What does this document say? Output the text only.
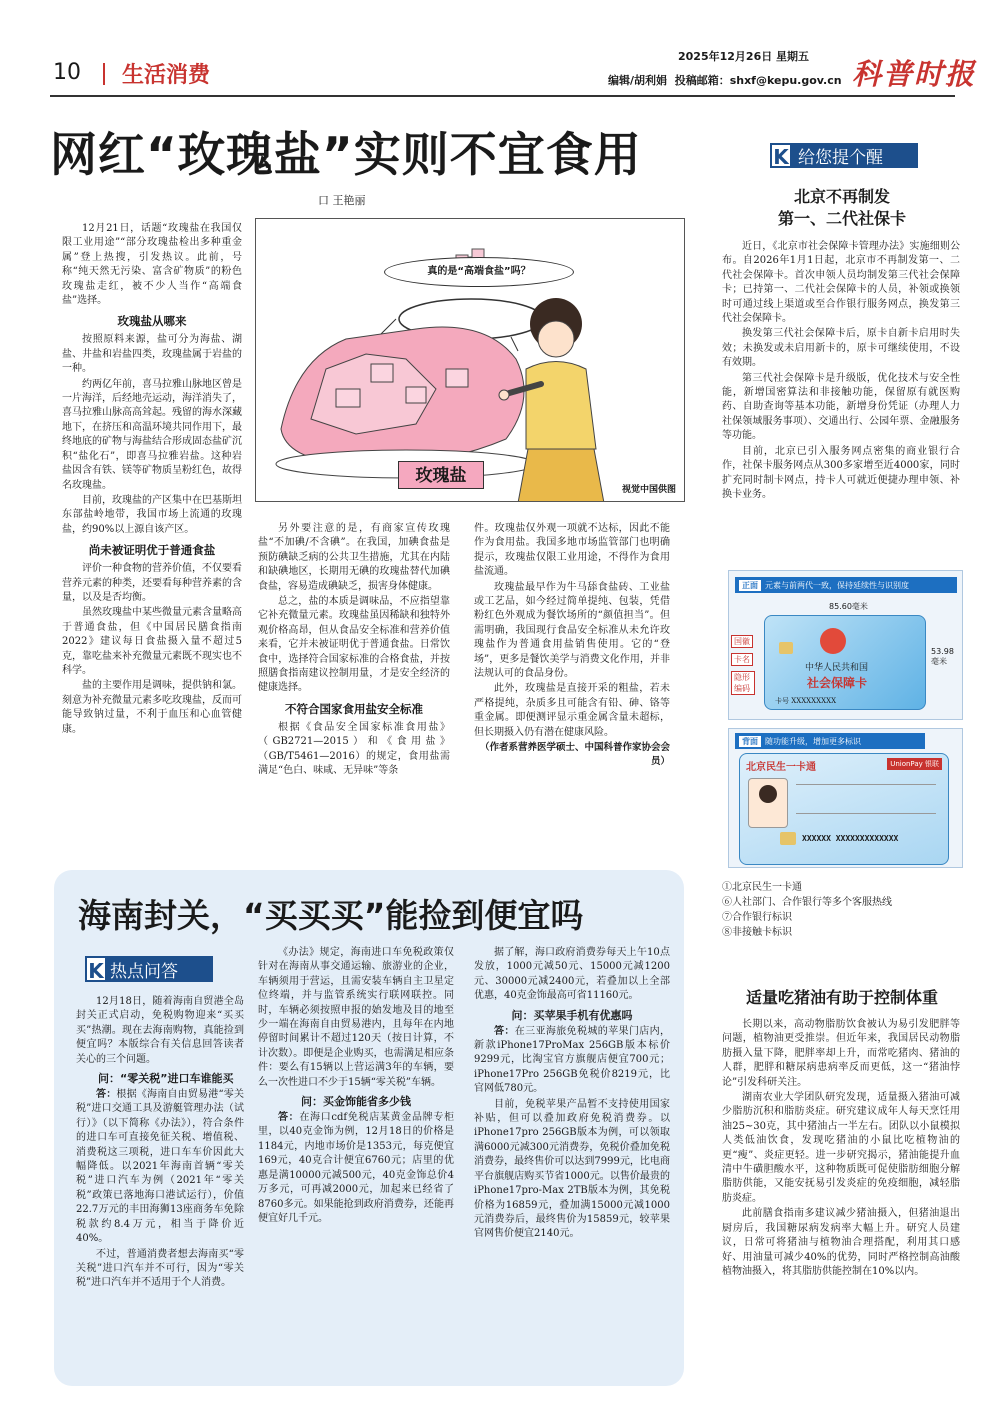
10 生活消费
2025年12月26日 星期五
编辑/胡利娟 投稿邮箱：shxf@kepu.gov.cn 科普时报
网红“玫瑰盐”实则不宜食用
口 王艳丽

12月21日，话题“玫瑰盐在我国仅限工业用途”“部分玫瑰盐检出多种重金属”登上热搜，引发热议。此前，号称“纯天然无污染、富含矿物质”的粉色玫瑰盐走红，被不少人当作“高端食盐”选择。

玫瑰盐从哪来

按照原料来源，盐可分为海盐、湖盐、井盐和岩盐四类，玫瑰盐属于岩盐的一种。

约两亿年前，喜马拉雅山脉地区曾是一片海洋，后经地壳运动，海洋消失了，喜马拉雅山脉高高耸起。残留的海水深藏地下，在挤压和高温环境共同作用下，最终地底的矿物与海盐结合形成固态盐矿沉积“盐化石”，即喜马拉雅岩盐。这种岩盐因含有铁、镁等矿物质呈粉红色，故得名玫瑰盐。

目前，玫瑰盐的产区集中在巴基斯坦东部盐岭地带，我国市场上流通的玫瑰盐，约90%以上源自该产区。

尚未被证明优于普通食盐

评价一种食物的营养价值，不仅要看营养元素的种类，还要看每种营养素的含量，以及是否均衡。

虽然玫瑰盐中某些微量元素含量略高于普通食盐，但《中国居民膳食指南2022》建议每日食盐摄入量不超过5克，靠吃盐来补充微量元素既不现实也不科学。

盐的主要作用是调味，提供钠和氯。刻意为补充微量元素多吃玫瑰盐，反而可能导致钠过量，不利于血压和心血管健康。

真的是“高端食盐”吗？
玫瑰盐
视觉中国供图

另外要注意的是，有商家宣传玫瑰盐“不加碘/不含碘”。在我国，加碘食盐是预防碘缺乏病的公共卫生措施，尤其在内陆和缺碘地区，长期用无碘的玫瑰盐替代加碘食盐，容易造成碘缺乏，损害身体健康。

总之，盐的本质是调味品，不应指望靠它补充微量元素。玫瑰盐虽因稀缺和独特外观价格高昂，但从食品安全标准和营养价值来看，它并未被证明优于普通食盐。日常饮食中，选择符合国家标准的合格食盐，并按照膳食指南建议控制用量，才是安全经济的健康选择。

不符合国家食用盐安全标准

根据《食品安全国家标准食用盐》（GB2721—2015）和《食用盐》（GB/T5461—2016）的规定，食用盐需满足“色白、味咸、无异味”等条

件。玫瑰盐仅外观一项就不达标，因此不能作为食用盐。我国多地市场监管部门也明确提示，玫瑰盐仅限工业用途，不得作为食用盐流通。

玫瑰盐最早作为牛马舔食盐砖、工业盐或工艺品，如今经过简单提纯、包装，凭借粉红色外观成为餐饮场所的“颜值担当”。但需明确，我国现行食品安全标准从未允许玫瑰盐作为普通食用盐销售使用。它的“登场”，更多是餐饮美学与消费文化作用，并非法规认可的食品身份。

此外，玫瑰盐是直接开采的粗盐，若未严格提纯，杂质多且可能含有铅、砷、铬等重金属。即便测评显示重金属含量未超标，但长期摄入仍有潜在健康风险。

（作者系营养医学硕士、中国科普作家协会会员）
K 给您提个醒
北京不再制发
第一、二代社保卡

近日，《北京市社会保障卡管理办法》实施细则公布。自2026年1月1日起，北京市不再制发第一、二代社会保障卡。首次申领人员均制发第三代社会保障卡；已持第一、二代社会保障卡的人员，补领或换领时可通过线上渠道或至合作银行服务网点，换发第三代社会保障卡。

换发第三代社会保障卡后，原卡自新卡启用时失效；未换发或未启用新卡的，原卡可继续使用，不设有效期。

第三代社会保障卡是升级版，优化技术与安全性能，新增国密算法和非接触功能，保留原有就医购药、自助查询等基本功能，新增身份凭证（办理人力社保领域服务事项）、交通出行、公园年票、金融服务等功能。

目前，北京已引入服务网点密集的商业银行合作，社保卡服务网点从300多家增至近4000家，同时扩充同时制卡网点，持卡人可就近便捷办理申领、补换卡业务。

正面 元素与前两代一致，保持延续性与识别度
85.60毫米
中华人民共和国
社会保障卡
卡号 XXXXXXXXX
53.98毫米
国徽
卡名
隐形编码
背面 随功能升级，增加更多标识
北京民生一卡通	UnionPay 银联
XXXXXX XXXXXXXXXXXXX
①北京民生一卡通
⑥人社部门、合作银行等多个客服热线
⑦合作银行标识
⑧非接触卡标识
适量吃猪油有助于控制体重

长期以来，高动物脂肪饮食被认为易引发肥胖等问题，植物油更受推崇。但近年来，我国居民动物脂肪摄入量下降，肥胖率却上升，而常吃猪肉、猪油的人群，肥胖和糖尿病患病率反而更低，这一“猪油悖论”引发科研关注。

湖南农业大学团队研究发现，适量摄入猪油可减少脂肪沉积和脂肪炎症。研究建议成年人每天烹饪用油25~30克，其中猪油占一半左右。团队以小鼠模拟人类低油饮食，发现吃猪油的小鼠比吃植物油的更“瘦”、炎症更轻。进一步研究揭示，猪油能提升血清中牛磺胆酸水平，这种物质既可促使脂肪细胞分解脂肪供能，又能安抚易引发炎症的免疫细胞，减轻脂肪炎症。

此前膳食指南多建议减少猪油摄入，但猪油退出厨房后，我国糖尿病发病率大幅上升。研究人员建议，日常可将猪油与植物油合理搭配，利用其口感好、用油量可减少40%的优势，同时严格控制高油酸植物油摄入，将其脂肪供能控制在10%以内。

海南封关，“买买买”能捡到便宜吗
K 热点问答

12月18日，随着海南自贸港全岛封关正式启动，免税购物迎来“买买买”热潮。现在去海南购物，真能捡到便宜吗？本版综合有关信息回答读者关心的三个问题。

问：“零关税”进口车谁能买

答：根据《海南自由贸易港“零关税”进口交通工具及游艇管理办法（试行）》（以下简称《办法》），符合条件的进口车可直接免征关税、增值税、消费税这三项税，进口车车价因此大幅降低。以2021年海南首辆“零关税”进口汽车为例（2021年“零关税”政策已落地海口港试运行），价值22.7万元的丰田海狮13座商务车免除税款约8.4万元，相当于降价近40%。

不过，普通消费者想去海南买“零关税”进口汽车并不可行，因为“零关税”进口汽车并不适用于个人消费。

《办法》规定，海南进口车免税政策仅针对在海南从事交通运输、旅游业的企业，车辆须用于营运，且需安装车辆自主卫星定位终端，并与监管系统实行联网联控。同时，车辆必须按照申报的始发地及目的地至少一端在海南自由贸易港内，且每年在内地停留时间累计不超过120天（按日计算，不计次数）。即便是企业购买，也需满足相应条件：要么有15辆以上营运满3年的车辆，要么一次性进口不少于15辆“零关税”车辆。

问：买金饰能省多少钱

答：在海口cdf免税店某黄金品牌专柜里，以40克金饰为例，12月18日的价格是1184元，内地市场价是1353元，每克便宜169元，40克合计便宜6760元；店里的优惠是满10000元减500元，40克金饰总价4万多元，可再减2000元，加起来已经省了8760多元。如果能抢到政府消费券，还能再便宜好几千元。

据了解，海口政府消费券每天上午10点发放，1000元减50元、15000元减1200元、30000元减2400元，若叠加以上全部优惠，40克金饰最高可省11160元。

问：买苹果手机有优惠吗

答：在三亚海旅免税城的苹果门店内，新款iPhone17ProMax 256GB版本标价9299元，比淘宝官方旗舰店便宜700元；iPhone17Pro 256GB免税价8219元，比官网低780元。

目前，免税苹果产品暂不支持使用国家补贴，但可以叠加政府免税消费券。以iPhone17pro 256GB版本为例，可以领取满6000元减300元消费券，免税价叠加免税消费券，最终售价可以达到7999元，比电商平台旗舰店购买节省1000元。以售价最贵的iPhone17pro-Max 2TB版本为例，其免税价格为16859元，叠加满15000元减1000元消费券后，最终售价为15859元，较苹果官网售价便宜2140元。
